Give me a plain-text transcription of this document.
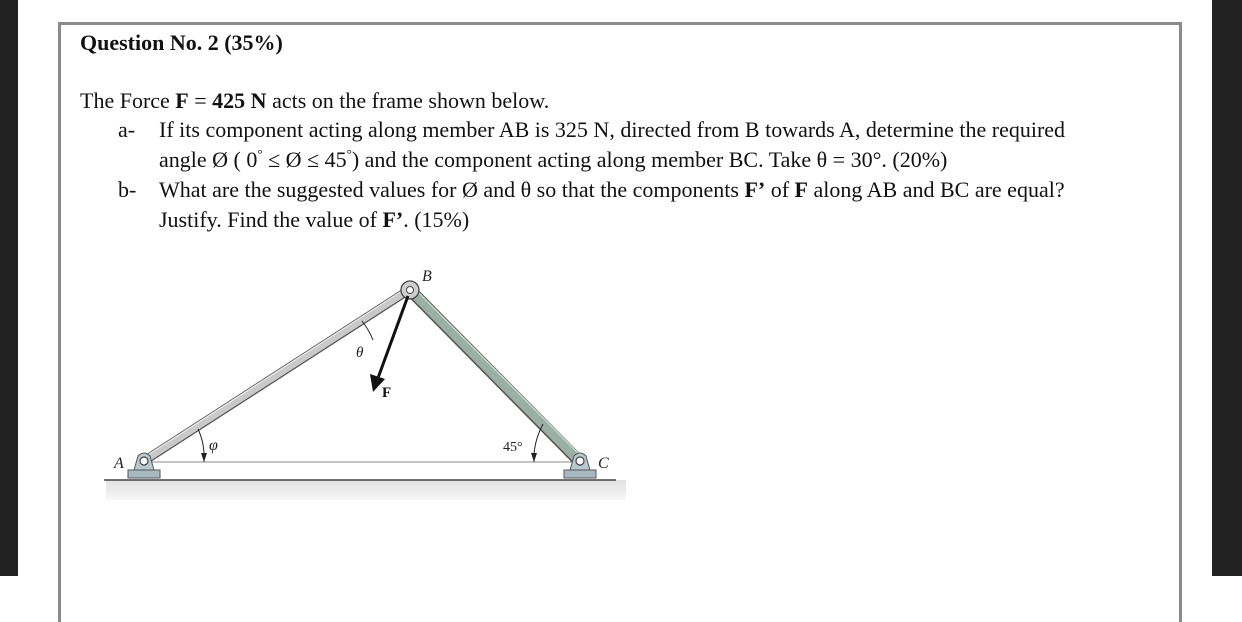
Question No. 2 (35%)
The Force F = 425 N acts on the frame shown below.
a- If its component acting along member AB is 325 N, directed from B towards A, determine the required
angle Ø ( 0° ≤ Ø ≤ 45°) and the component acting along member BC. Take θ = 30°. (20%)
b- What are the suggested values for Ø and θ so that the components F’ of F along AB and BC are equal?
Justify. Find the value of F’. (15%)
A
B
C
F
θ
φ	45°
